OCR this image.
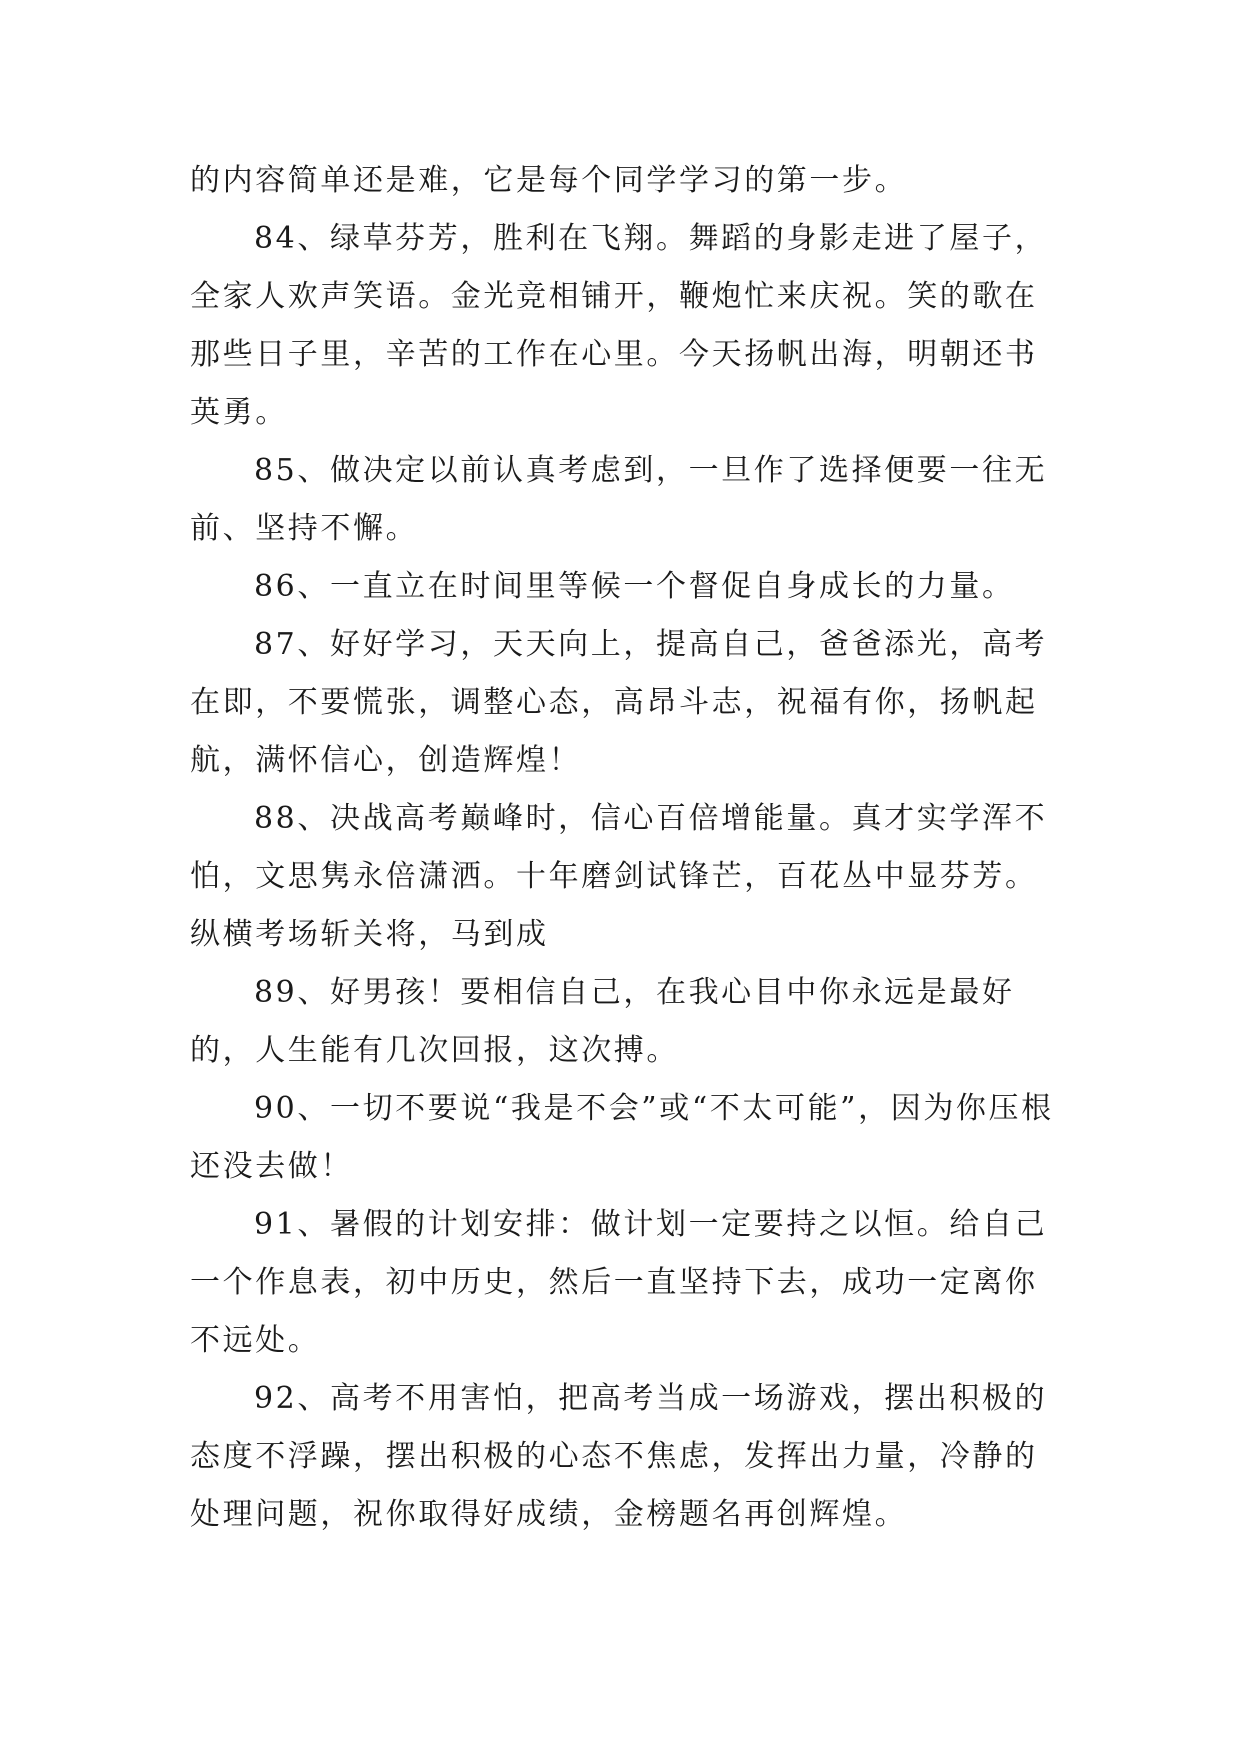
的内容简单还是难，它是每个同学学习的第一步。

84、绿草芬芳，胜利在飞翔。舞蹈的身影走进了屋子，全家人欢声笑语。金光竞相铺开，鞭炮忙来庆祝。笑的歌在那些日子里，辛苦的工作在心里。今天扬帆出海，明朝还书英勇。

85、做决定以前认真考虑到，一旦作了选择便要一往无前、坚持不懈。

86、一直立在时间里等候一个督促自身成长的力量。

87、好好学习，天天向上，提高自己，爸爸添光，高考在即，不要慌张，调整心态，高昂斗志，祝福有你，扬帆起航，满怀信心，创造辉煌！

88、决战高考巅峰时，信心百倍增能量。真才实学浑不怕，文思隽永倍潇洒。十年磨剑试锋芒，百花丛中显芬芳。纵横考场斩关将，马到成

89、好男孩！要相信自己，在我心目中你永远是最好的，人生能有几次回报，这次搏。

90、一切不要说“我是不会”或“不太可能”，因为你压根还没去做！

91、暑假的计划安排：做计划一定要持之以恒。给自己一个作息表，初中历史，然后一直坚持下去，成功一定离你不远处。

92、高考不用害怕，把高考当成一场游戏，摆出积极的态度不浮躁，摆出积极的心态不焦虑，发挥出力量，冷静的处理问题，祝你取得好成绩，金榜题名再创辉煌。
